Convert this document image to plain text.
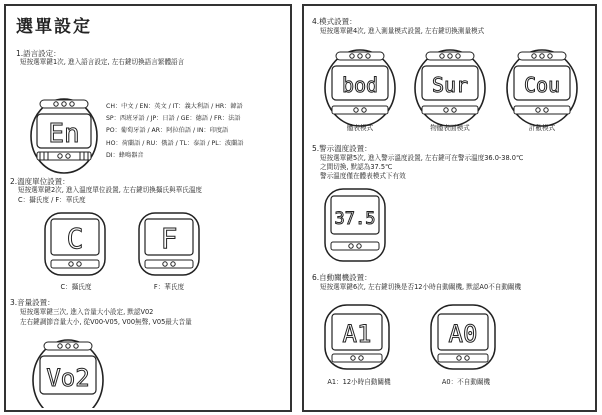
選單設定
1.語言設定：
短按選單鍵1次, 進入語言設定, 左右鍵切換語言繁體語言
En
CH：中文 / EN：英文 / IT：義大利語 / HR：韓語
SP：西班牙語 / JP：日語 / GE：德語 / FR：法語
PO：葡萄牙語 / AR：阿拉伯語 / IN：印度語
HO：荷蘭語 / RU：俄語 / TL：泰語 / PL：波蘭語
DI：蜂鳴器音
2.溫度單位設置：
短按選單鍵2次, 進入溫度單位設置, 左右鍵切換攝氏與華氏溫度
C：攝氏度 / F：華氏度
C
C：攝氏度
F
F：華氏度
3.音量設置：
短按選單鍵三次, 進入音量大小設定, 默認V02
左右鍵調節音量大小, 從V00-V05, V00無聲, V05最大音量
Vo2
4.模式設置：
短按選單鍵4次, 進入測量模式設置, 左右鍵切換測量模式
bod
體表模式
Sur
物體表面模式
Cou
計數模式
5.警示溫度設置：
短按選單鍵5次, 進入警示溫度設置, 左右鍵可在警示溫度36.0-38.0℃
之間切換, 默認為37.5℃
警示溫度僅在體表模式下有效
37.5
6.自動關機設置：
短按選單鍵6次, 左右鍵切換是否12小時自動關機, 默認A0不自動關機
A1
A1：12小時自動關機
A0
A0：不自動關機
